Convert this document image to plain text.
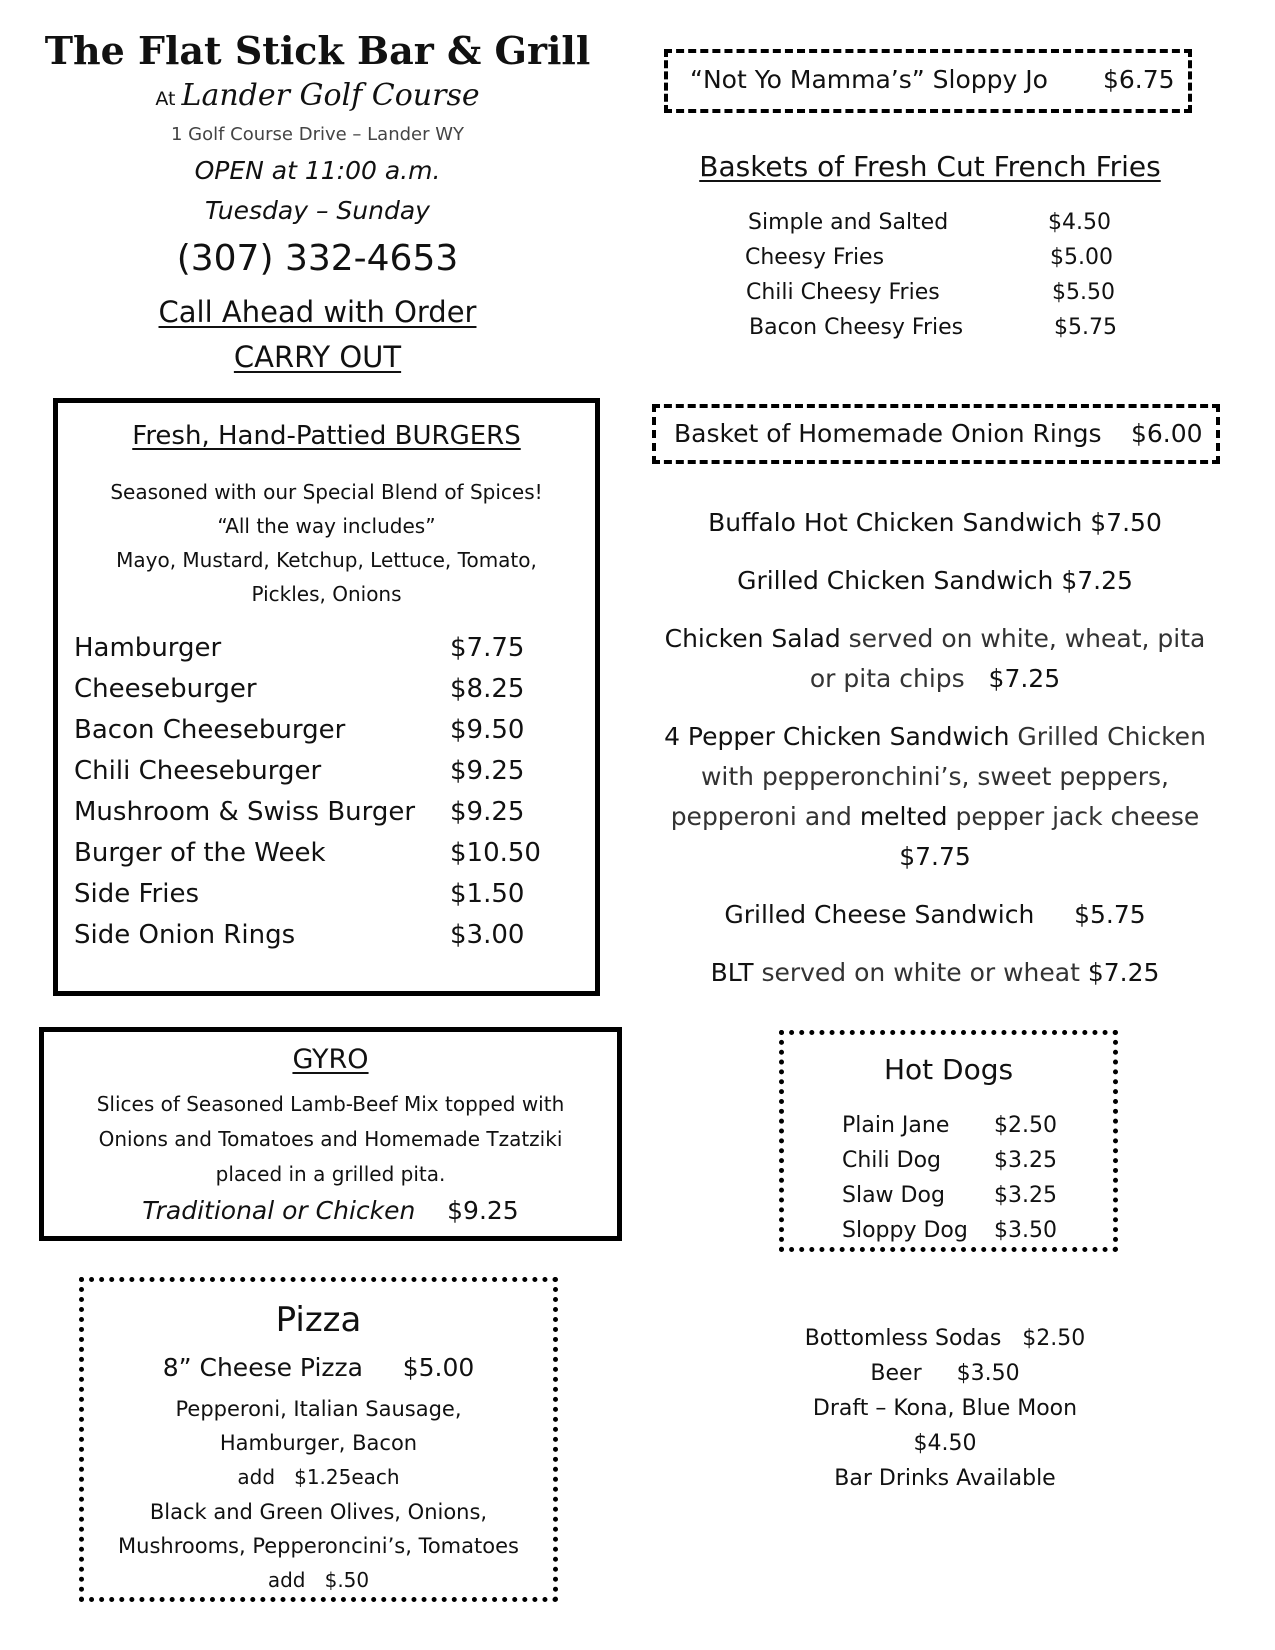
The Flat Stick Bar & Grill
At Lander Golf Course
1 Golf Course Drive – Lander WY
OPEN at 11:00 a.m.
Tuesday – Sunday
(307) 332-4653
Call Ahead with Order
CARRY OUT
Fresh, Hand-Pattied BURGERS
Seasoned with our Special Blend of Spices!
“All the way includes”
Mayo, Mustard, Ketchup, Lettuce, Tomato,
Pickles, Onions
Hamburger	$7.75
Cheeseburger	$8.25
Bacon Cheeseburger	$9.50
Chili Cheeseburger	$9.25
Mushroom & Swiss Burger $9.25
Burger of the Week	$10.50
Side Fries	$1.50
Side Onion Rings	$3.00
GYRO
Slices of Seasoned Lamb-Beef Mix topped with
Onions and Tomatoes and Homemade Tzatziki
placed in a grilled pita.
Traditional or Chicken $9.25
Pizza
8” Cheese Pizza $5.00
Pepperoni, Italian Sausage,
Hamburger, Bacon
add $1.25each
Black and Green Olives, Onions,
Mushrooms, Pepperoncini’s, Tomatoes
add $.50
“Not Yo Mamma’s” Sloppy Jo $6.75
Baskets of Fresh Cut French Fries
Simple and Salted	$4.50
Cheesy Fries	$5.00
Chili Cheesy Fries	$5.50
Bacon Cheesy Fries	$5.75
Basket of Homemade Onion Rings $6.00
Buffalo Hot Chicken Sandwich $7.50
Grilled Chicken Sandwich $7.25
Chicken Salad served on white, wheat, pita
or pita chips $7.25
4 Pepper Chicken Sandwich Grilled Chicken
with pepperonchini’s, sweet peppers,
pepperoni and melted pepper jack cheese
$7.75
Grilled Cheese Sandwich $5.75
BLT served on white or wheat $7.25
Hot Dogs
Plain Jane $2.50
Chili Dog $3.25
Slaw Dog $3.25
Sloppy Dog $3.50
Bottomless Sodas $2.50
Beer $3.50
Draft – Kona, Blue Moon
$4.50
Bar Drinks Available
